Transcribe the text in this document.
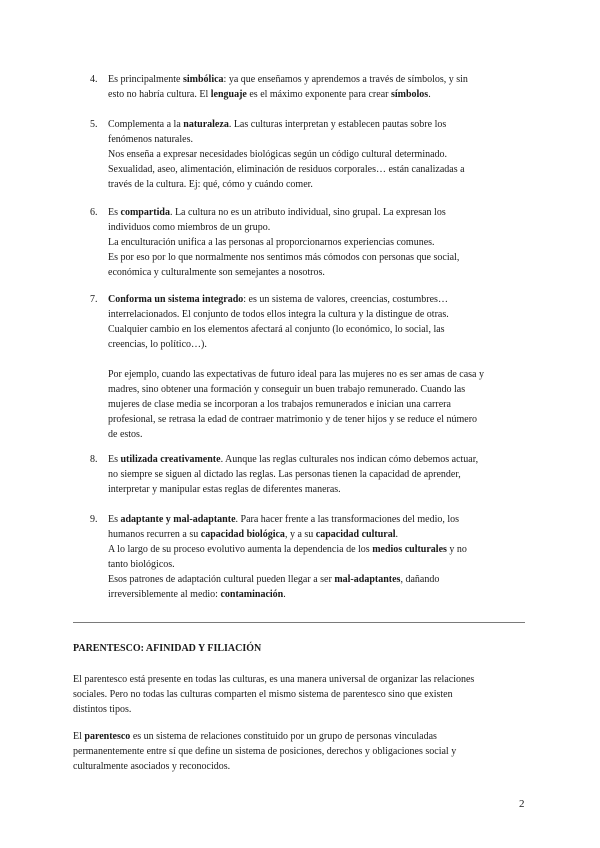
4.	Es principalmente simbólica: ya que enseñamos y aprendemos a través de símbolos, y sin
esto no habría cultura. El lenguaje es el máximo exponente para crear símbolos.
5.	Complementa a la naturaleza. Las culturas interpretan y establecen pautas sobre los
fenómenos naturales.
Nos enseña a expresar necesidades biológicas según un código cultural determinado.
Sexualidad, aseo, alimentación, eliminación de residuos corporales… están canalizadas a
través de la cultura. Ej: qué, cómo y cuándo comer.
6.	Es compartida. La cultura no es un atributo individual, sino grupal. La expresan los
individuos como miembros de un grupo.
La enculturación unifica a las personas al proporcionarnos experiencias comunes.
Es por eso por lo que normalmente nos sentimos más cómodos con personas que social,
económica y culturalmente son semejantes a nosotros.
7.	Conforma un sistema integrado: es un sistema de valores, creencias, costumbres…
interrelacionados. El conjunto de todos ellos integra la cultura y la distingue de otras.
Cualquier cambio en los elementos afectará al conjunto (lo económico, lo social, las
creencias, lo político…).

Por ejemplo, cuando las expectativas de futuro ideal para las mujeres no es ser amas de casa y
madres, sino obtener una formación y conseguir un buen trabajo remunerado. Cuando las
mujeres de clase media se incorporan a los trabajos remunerados e inician una carrera
profesional, se retrasa la edad de contraer matrimonio y de tener hijos y se reduce el número
de estos.
8.	Es utilizada creativamente. Aunque las reglas culturales nos indican cómo debemos actuar,
no siempre se siguen al dictado las reglas. Las personas tienen la capacidad de aprender,
interpretar y manipular estas reglas de diferentes maneras.
9.	Es adaptante y mal-adaptante. Para hacer frente a las transformaciones del medio, los
humanos recurren a su capacidad biológica, y a su capacidad cultural.
A lo largo de su proceso evolutivo aumenta la dependencia de los medios culturales y no
tanto biológicos.
Esos patrones de adaptación cultural pueden llegar a ser mal-adaptantes, dañando
irreversiblemente al medio: contaminación.

PARENTESCO: AFINIDAD Y FILIACIÓN

El parentesco está presente en todas las culturas, es una manera universal de organizar las relaciones
sociales. Pero no todas las culturas comparten el mismo sistema de parentesco sino que existen
distintos tipos.

El parentesco es un sistema de relaciones constituido por un grupo de personas vinculadas
permanentemente entre sí que define un sistema de posiciones, derechos y obligaciones social y
culturalmente asociados y reconocidos.

2
